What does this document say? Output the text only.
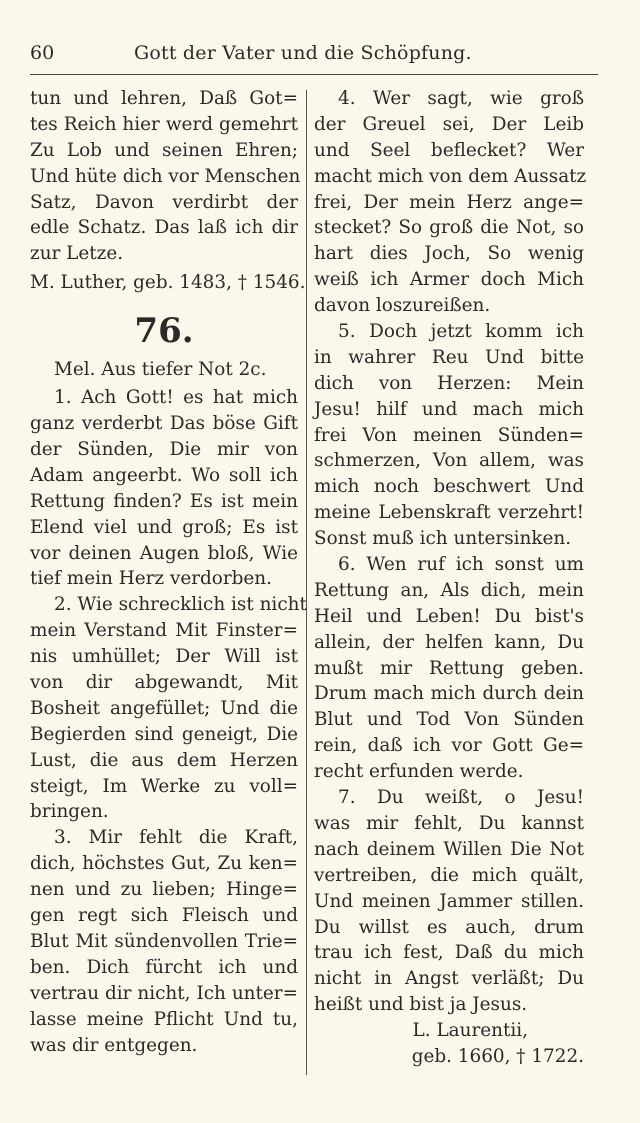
60	Gott der Vater und die Schöpfung.
tun und lehren, Daß Got=
tes Reich hier werd gemehrt
Zu Lob und seinen Ehren;
Und hüte dich vor Menschen
Satz, Davon verdirbt der
edle Schatz. Das laß ich dir
zur Letze.
M. Luther, geb. 1483, † 1546.
76.
Mel. Aus tiefer Not 2c.
1. Ach Gott! es hat mich
ganz verderbt Das böse Gift
der Sünden, Die mir von
Adam angeerbt. Wo soll ich
Rettung finden? Es ist mein
Elend viel und groß; Es ist
vor deinen Augen bloß, Wie
tief mein Herz verdorben.
2. Wie schrecklich ist nicht
mein Verstand Mit Finster=
nis umhüllet; Der Will ist
von dir abgewandt, Mit
Bosheit angefüllet; Und die
Begierden sind geneigt, Die
Lust, die aus dem Herzen
steigt, Im Werke zu voll=
bringen.
3. Mir fehlt die Kraft,
dich, höchstes Gut, Zu ken=
nen und zu lieben; Hinge=
gen regt sich Fleisch und
Blut Mit sündenvollen Trie=
ben. Dich fürcht ich und
vertrau dir nicht, Ich unter=
lasse meine Pflicht Und tu,
was dir entgegen.
4. Wer sagt, wie groß
der Greuel sei, Der Leib
und Seel beflecket? Wer
macht mich von dem Aussatz
frei, Der mein Herz ange=
stecket? So groß die Not, so
hart dies Joch, So wenig
weiß ich Armer doch Mich
davon loszureißen.
5. Doch jetzt komm ich
in wahrer Reu Und bitte
dich von Herzen: Mein
Jesu! hilf und mach mich
frei Von meinen Sünden=
schmerzen, Von allem, was
mich noch beschwert Und
meine Lebenskraft verzehrt!
Sonst muß ich untersinken.
6. Wen ruf ich sonst um
Rettung an, Als dich, mein
Heil und Leben! Du bist's
allein, der helfen kann, Du
mußt mir Rettung geben.
Drum mach mich durch dein
Blut und Tod Von Sünden
rein, daß ich vor Gott Ge=
recht erfunden werde.
7. Du weißt, o Jesu!
was mir fehlt, Du kannst
nach deinem Willen Die Not
vertreiben, die mich quält,
Und meinen Jammer stillen.
Du willst es auch, drum
trau ich fest, Daß du mich
nicht in Angst verläßt; Du
heißt und bist ja Jesus.
L. Laurentii,
geb. 1660, † 1722.
